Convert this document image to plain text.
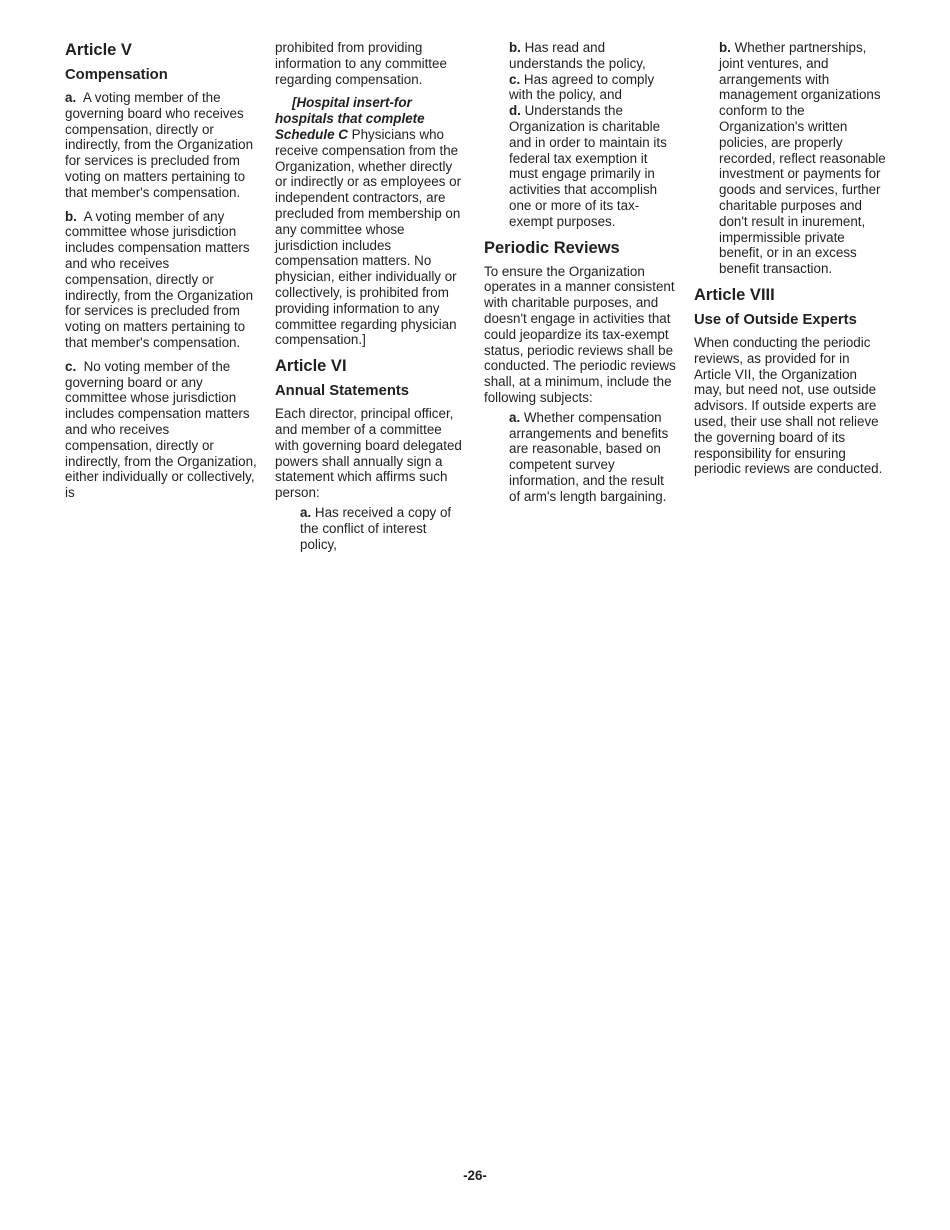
Article V
Compensation

a. A voting member of the governing board who receives compensation, directly or indirectly, from the Organization for services is precluded from voting on matters pertaining to that member's compensation.

b. A voting member of any committee whose jurisdiction includes compensation matters and who receives compensation, directly or indirectly, from the Organization for services is precluded from voting on matters pertaining to that member's compensation.

c. No voting member of the governing board or any committee whose jurisdiction includes compensation matters and who receives compensation, directly or indirectly, from the Organization, either individually or collectively, is

prohibited from providing information to any committee regarding compensation.

[Hospital insert-for hospitals that complete Schedule C Physicians who receive compensation from the Organization, whether directly or indirectly or as employees or independent contractors, are precluded from membership on any committee whose jurisdiction includes compensation matters. No physician, either individually or collectively, is prohibited from providing information to any committee regarding physician compensation.]

Article VI
Annual Statements

Each director, principal officer, and member of a committee with governing board delegated powers shall annually sign a statement which affirms such person:

a. Has received a copy of the conflict of interest policy,

b. Has read and understands the policy,

c. Has agreed to comply with the policy, and

d. Understands the Organization is charitable and in order to maintain its federal tax exemption it must engage primarily in activities that accomplish one or more of its tax-exempt purposes.

Periodic Reviews

To ensure the Organization operates in a manner consistent with charitable purposes, and doesn't engage in activities that could jeopardize its tax-exempt status, periodic reviews shall be conducted. The periodic reviews shall, at a minimum, include the following subjects:

a. Whether compensation arrangements and benefits are reasonable, based on competent survey information, and the result of arm's length bargaining.

b. Whether partnerships, joint ventures, and arrangements with management organizations conform to the Organization's written policies, are properly recorded, reflect reasonable investment or payments for goods and services, further charitable purposes and don't result in inurement, impermissible private benefit, or in an excess benefit transaction.

Article VIII
Use of Outside Experts

When conducting the periodic reviews, as provided for in Article VII, the Organization may, but need not, use outside advisors. If outside experts are used, their use shall not relieve the governing board of its responsibility for ensuring periodic reviews are conducted.

-26-
